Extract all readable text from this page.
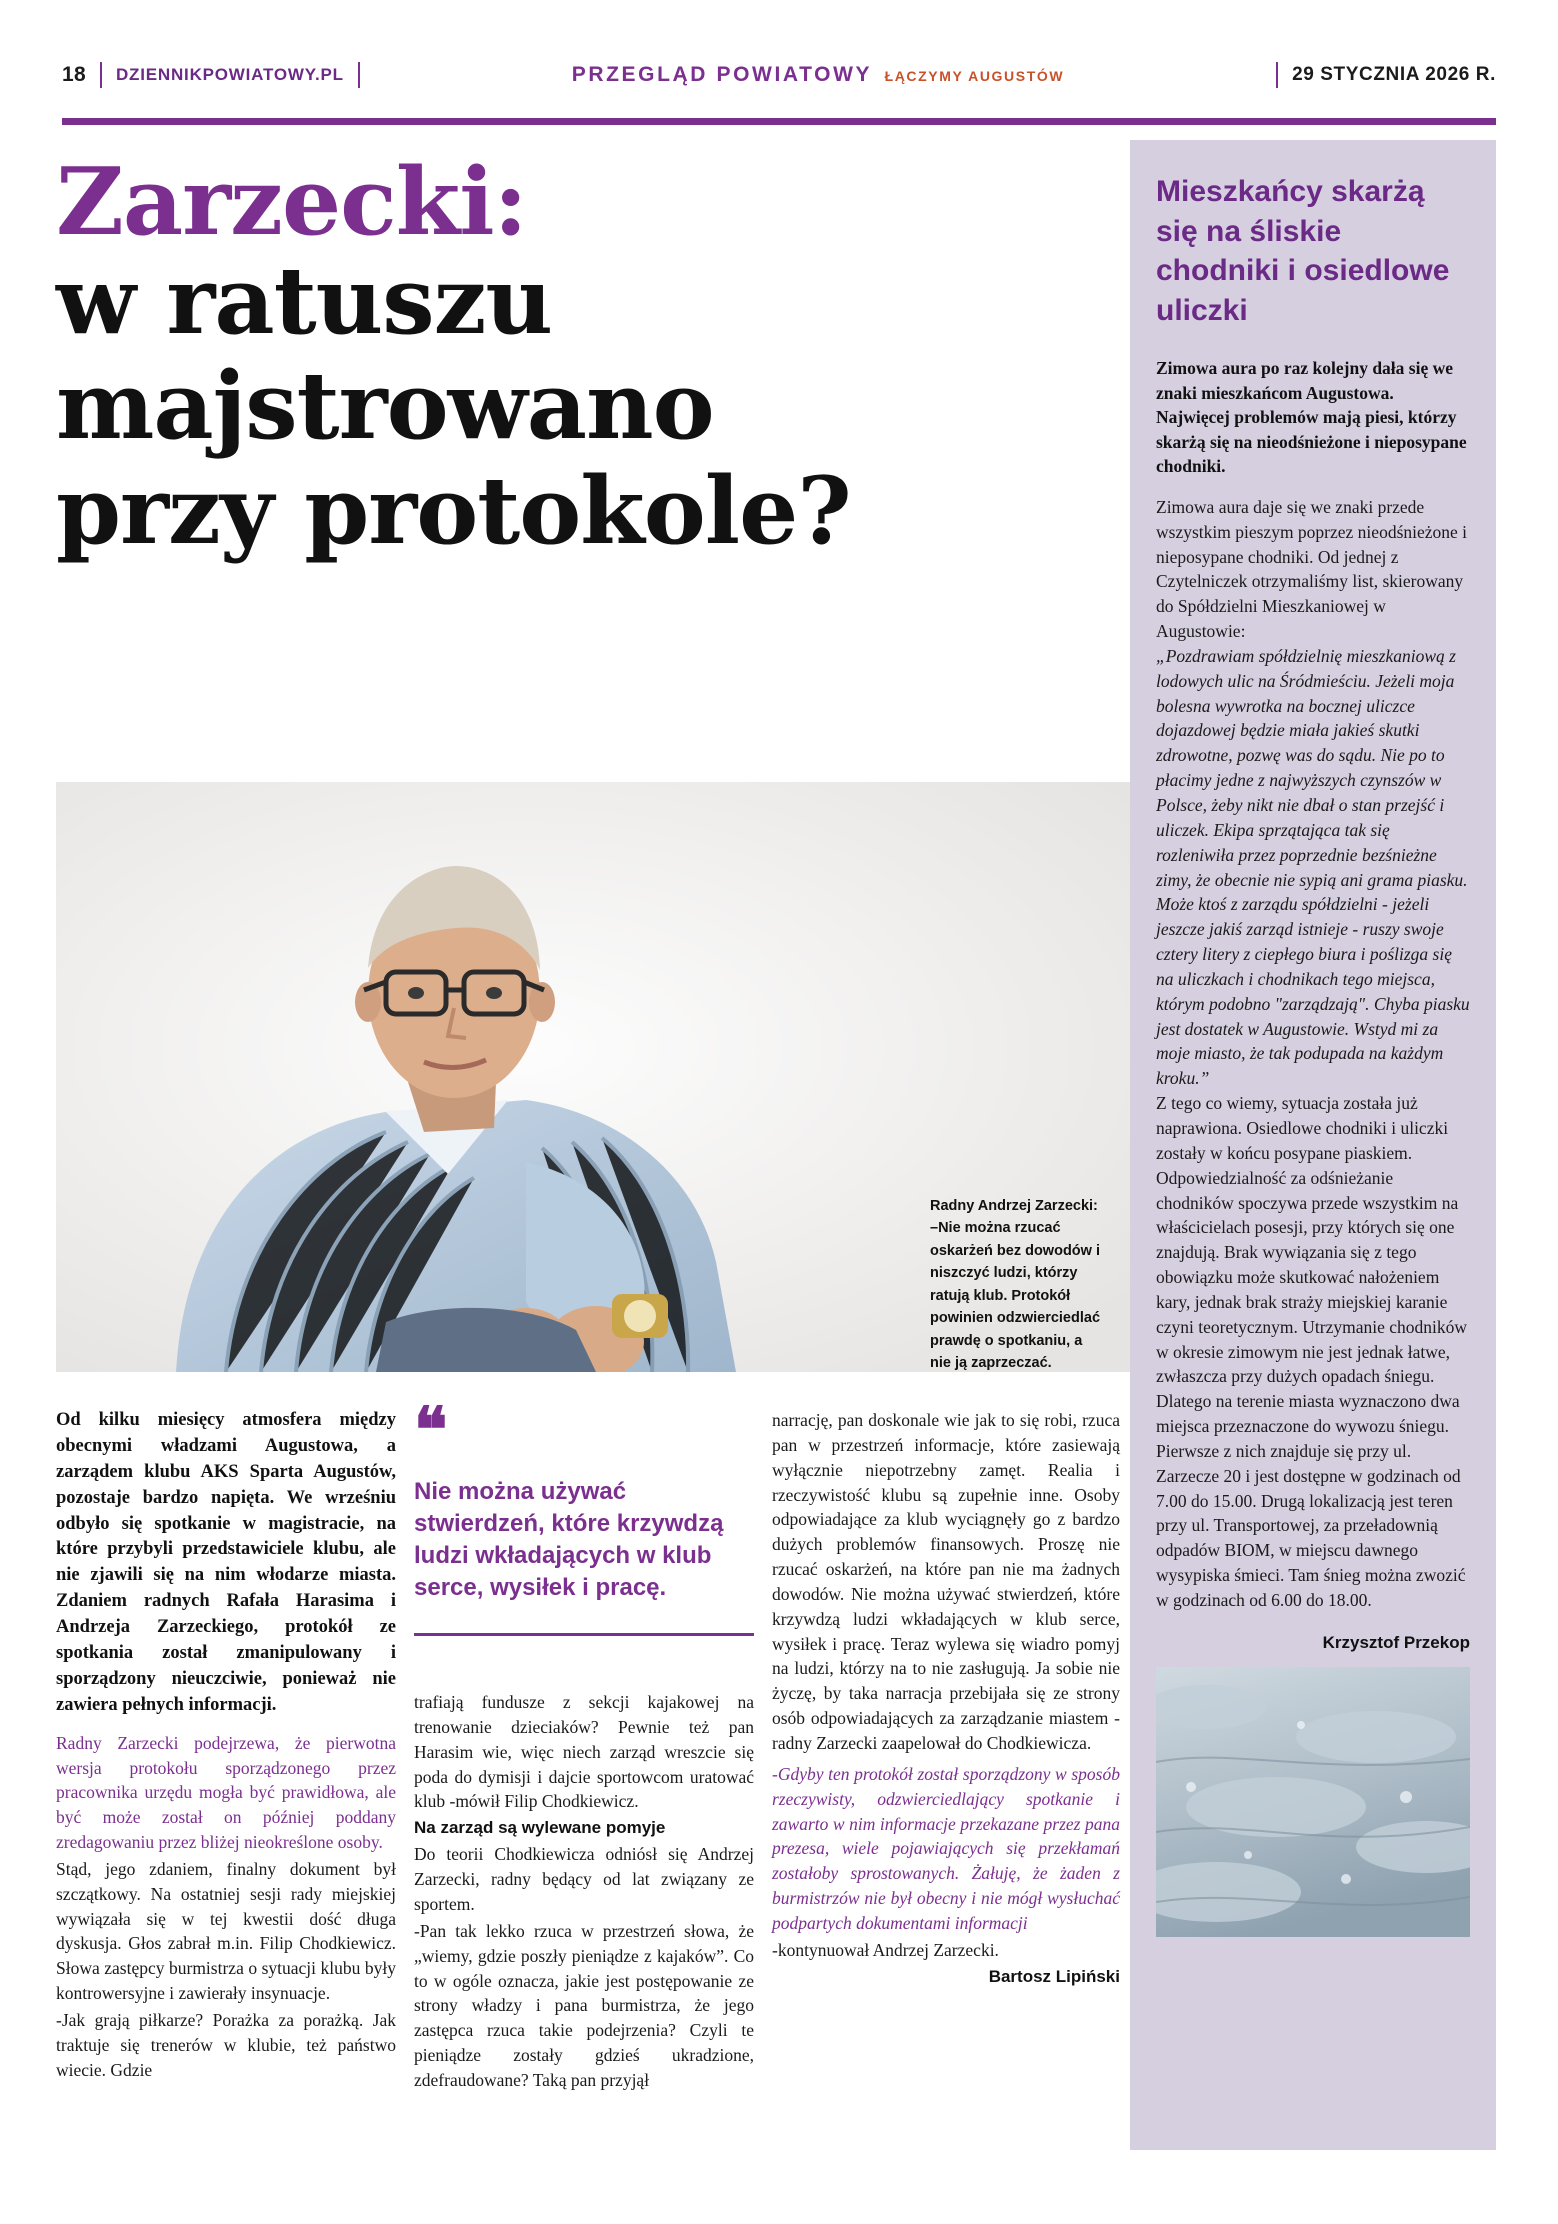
18 DZIENNIKPOWIATOWY.PL	PRZEGLĄD POWIATOWY ŁĄCZYMY AUGUSTÓW	29 STYCZNIA 2026 R.
Zarzecki:
w ratuszu
majstrowano
przy protokole?
Radny Andrzej Zarzecki: –Nie można rzucać oskarżeń bez dowodów i niszczyć ludzi, którzy ratują klub. Protokół powinien odzwierciedlać prawdę o spotkaniu, a nie ją zaprzeczać.

Od kilku miesięcy atmosfera między obecnymi władzami Augustowa, a zarządem klubu AKS Sparta Augustów, pozostaje bardzo napięta. We wrześniu odbyło się spotkanie w magistracie, na które przybyli przedstawiciele klubu, ale nie zjawili się na nim włodarze miasta. Zdaniem radnych Rafała Harasima i Andrzeja Zarzeckiego, protokół ze spotkania został zmanipulowany i sporządzony nieuczciwie, ponieważ nie zawiera pełnych informacji.

Radny Zarzecki podejrzewa, że pierwotna wersja protokołu sporządzonego przez pracownika urzędu mogła być prawidłowa, ale być może został on później poddany zredagowaniu przez bliżej nieokreślone osoby.

Stąd, jego zdaniem, finalny dokument był szczątkowy. Na ostatniej sesji rady miejskiej wywiązała się w tej kwestii dość długa dyskusja. Głos zabrał m.in. Filip Chodkiewicz. Słowa zastępcy burmistrza o sytuacji klubu były kontrowersyjne i zawierały insynuacje.

-Jak grają piłkarze? Porażka za porażką. Jak traktuje się trenerów w klubie, też państwo wiecie. Gdzie

❝
Nie można używać stwierdzeń, które krzywdzą ludzi wkładających w klub serce, wysiłek i pracę.

trafiają fundusze z sekcji kajakowej na trenowanie dzieciaków? Pewnie też pan Harasim wie, więc niech zarząd wreszcie się poda do dymisji i dajcie sportowcom uratować klub -mówił Filip Chodkiewicz.

Na zarząd są wylewane pomyje

Do teorii Chodkiewicza odniósł się Andrzej Zarzecki, radny będący od lat związany ze sportem.

-Pan tak lekko rzuca w przestrzeń słowa, że „wiemy, gdzie poszły pieniądze z kajaków”. Co to w ogóle oznacza, jakie jest postępowanie ze strony władzy i pana burmistrza, że jego zastępca rzuca takie podejrzenia? Czyli te pieniądze zostały gdzieś ukradzione, zdefraudowane? Taką pan przyjął

narrację, pan doskonale wie jak to się robi, rzuca pan w przestrzeń informacje, które zasiewają wyłącznie niepotrzebny zamęt. Realia i rzeczywistość klubu są zupełnie inne. Osoby odpowiadające za klub wyciągnęły go z bardzo dużych problemów finansowych. Proszę nie rzucać oskarżeń, na które pan nie ma żadnych dowodów. Nie można używać stwierdzeń, które krzywdzą ludzi wkładających w klub serce, wysiłek i pracę. Teraz wylewa się wiadro pomyj na ludzi, którzy na to nie zasługują. Ja sobie nie życzę, by taka narracja przebijała się ze strony osób odpowiadających za zarządzanie miastem -radny Zarzecki zaapelował do Chodkiewicza.

-Gdyby ten protokół został sporządzony w sposób rzeczywisty, odzwierciedlający spotkanie i zawarto w nim informacje przekazane przez pana prezesa, wiele pojawiających się przekłamań zostałoby sprostowanych. Żałuję, że żaden z burmistrzów nie był obecny i nie mógł wysłuchać podpartych dokumentami informacji

-kontynuował Andrzej Zarzecki.

Bartosz Lipiński

Mieszkańcy skarżą się na śliskie chodniki i osiedlowe uliczki
Zimowa aura po raz kolejny dała się we znaki mieszkańcom Augustowa. Najwięcej problemów mają piesi, którzy skarżą się na nieodśnieżone i nieposypane chodniki.

Zimowa aura daje się we znaki przede wszystkim pieszym poprzez nieodśnieżone i nieposypane chodniki. Od jednej z Czytelniczek otrzymaliśmy list, skierowany do Spółdzielni Mieszkaniowej w Augustowie:

„Pozdrawiam spółdzielnię mieszkaniową z lodowych ulic na Śródmieściu. Jeżeli moja bolesna wywrotka na bocznej uliczce dojazdowej będzie miała jakieś skutki zdrowotne, pozwę was do sądu. Nie po to płacimy jedne z najwyższych czynszów w Polsce, żeby nikt nie dbał o stan przejść i uliczek. Ekipa sprzątająca tak się rozleniwiła przez poprzednie bezśnieżne zimy, że obecnie nie sypią ani grama piasku. Może ktoś z zarządu spółdzielni - jeżeli jeszcze jakiś zarząd istnieje - ruszy swoje cztery litery z ciepłego biura i poślizga się na uliczkach i chodnikach tego miejsca, którym podobno "zarządzają". Chyba piasku jest dostatek w Augustowie. Wstyd mi za moje miasto, że tak podupada na każdym kroku.”

Z tego co wiemy, sytuacja została już naprawiona. Osiedlowe chodniki i uliczki zostały w końcu posypane piaskiem.

Odpowiedzialność za odśnieżanie chodników spoczywa przede wszystkim na właścicielach posesji, przy których się one znajdują. Brak wywiązania się z tego obowiązku może skutkować nałożeniem kary, jednak brak straży miejskiej karanie czyni teoretycznym. Utrzymanie chodników w okresie zimowym nie jest jednak łatwe, zwłaszcza przy dużych opadach śniegu. Dlatego na terenie miasta wyznaczono dwa miejsca przeznaczone do wywozu śniegu. Pierwsze z nich znajduje się przy ul. Zarzecze 20 i jest dostępne w godzinach od 7.00 do 15.00. Drugą lokalizacją jest teren przy ul. Transportowej, za przeładownią odpadów BIOM, w miejscu dawnego wysypiska śmieci. Tam śnieg można zwozić w godzinach od 6.00 do 18.00.

Krzysztof Przekop
